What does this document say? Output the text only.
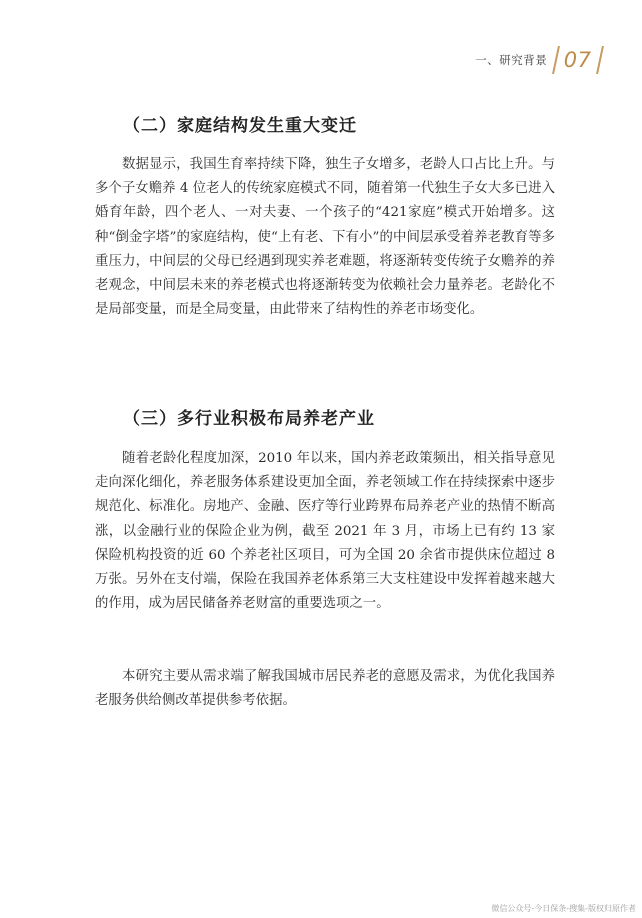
一、研究背景 07
（二）家庭结构发生重大变迁

数据显示，我国生育率持续下降，独生子女增多，老龄人口占比上升。与多个子女赡养 4 位老人的传统家庭模式不同，随着第一代独生子女大多已进入婚育年龄，四个老人、一对夫妻、一个孩子的“421家庭”模式开始增多。这种“倒金字塔”的家庭结构，使“上有老、下有小”的中间层承受着养老教育等多重压力，中间层的父母已经遇到现实养老难题，将逐渐转变传统子女赡养的养老观念，中间层未来的养老模式也将逐渐转变为依赖社会力量养老。老龄化不是局部变量，而是全局变量，由此带来了结构性的养老市场变化。

（三）多行业积极布局养老产业

随着老龄化程度加深，2010 年以来，国内养老政策频出，相关指导意见走向深化细化，养老服务体系建设更加全面，养老领域工作在持续探索中逐步规范化、标准化。房地产、金融、医疗等行业跨界布局养老产业的热情不断高涨，以金融行业的保险企业为例，截至 2021 年 3 月，市场上已有约 13 家保险机构投资的近 60 个养老社区项目，可为全国 20 余省市提供床位超过 8 万张。另外在支付端，保险在我国养老体系第三大支柱建设中发挥着越来越大的作用，成为居民储备养老财富的重要选项之一。

本研究主要从需求端了解我国城市居民养老的意愿及需求，为优化我国养老服务供给侧改革提供参考依据。

微信公众号-今日保条-搜集-版权归原作者
